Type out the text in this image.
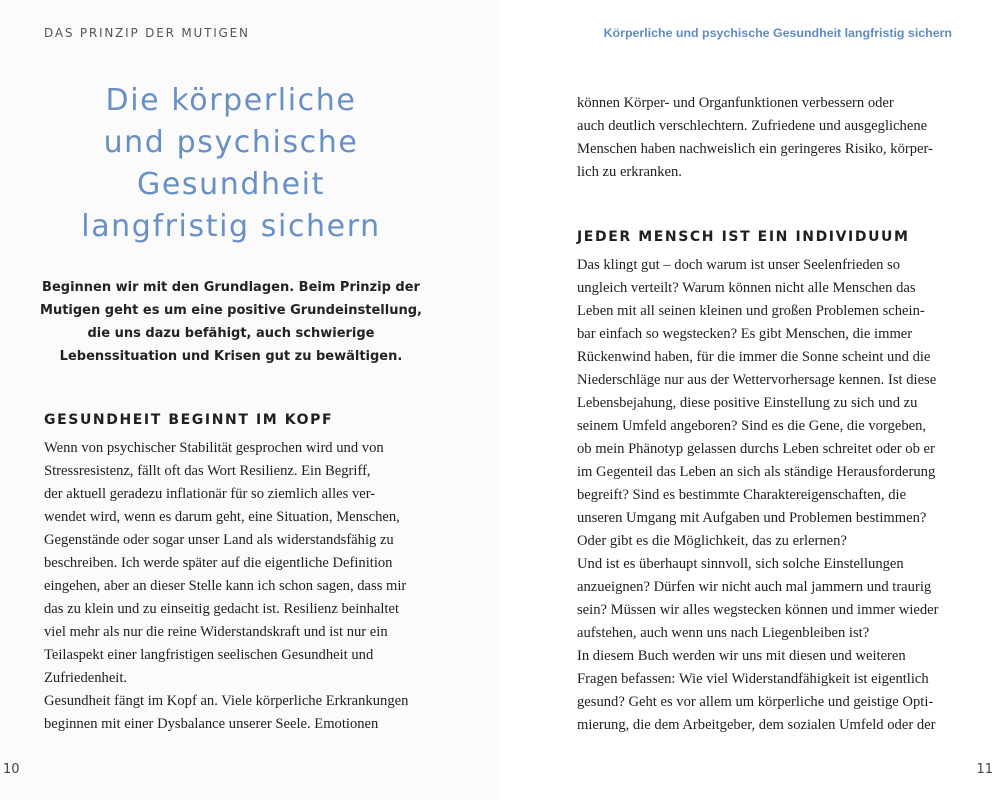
DAS PRINZIP DER MUTIGEN
Die körperliche
und psychische
Gesundheit
langfristig sichern
Beginnen wir mit den Grundlagen. Beim Prinzip der
Mutigen geht es um eine positive Grundeinstellung,
die uns dazu befähigt, auch schwierige
Lebenssituation und Krisen gut zu bewältigen.
GESUNDHEIT BEGINNT IM KOPF
Wenn von psychischer Stabilität gesprochen wird und von
Stressresistenz, fällt oft das Wort Resilienz. Ein Begriff,
der aktuell geradezu inflationär für so ziemlich alles ver-
wendet wird, wenn es darum geht, eine Situation, Menschen,
Gegenstände oder sogar unser Land als widerstandsfähig zu
beschreiben. Ich werde später auf die eigentliche Definition
eingehen, aber an dieser Stelle kann ich schon sagen, dass mir
das zu klein und zu einseitig gedacht ist. Resilienz beinhaltet
viel mehr als nur die reine Widerstandskraft und ist nur ein
Teilaspekt einer langfristigen seelischen Gesundheit und
Zufriedenheit.
Gesundheit fängt im Kopf an. Viele körperliche Erkrankungen
beginnen mit einer Dysbalance unserer Seele. Emotionen
10
Körperliche und psychische Gesundheit langfristig sichern
können Körper- und Organfunktionen verbessern oder
auch deutlich verschlechtern. Zufriedene und ausgeglichene
Menschen haben nachweislich ein geringeres Risiko, körper-
lich zu erkranken.
JEDER MENSCH IST EIN INDIVIDUUM
Das klingt gut – doch warum ist unser Seelenfrieden so
ungleich verteilt? Warum können nicht alle Menschen das
Leben mit all seinen kleinen und großen Problemen schein-
bar einfach so wegstecken? Es gibt Menschen, die immer
Rückenwind haben, für die immer die Sonne scheint und die
Niederschläge nur aus der Wettervorhersage kennen. Ist diese
Lebensbejahung, diese positive Einstellung zu sich und zu
seinem Umfeld angeboren? Sind es die Gene, die vorgeben,
ob mein Phänotyp gelassen durchs Leben schreitet oder ob er
im Gegenteil das Leben an sich als ständige Herausforderung
begreift? Sind es bestimmte Charaktereigenschaften, die
unseren Umgang mit Aufgaben und Problemen bestimmen?
Oder gibt es die Möglichkeit, das zu erlernen?
Und ist es überhaupt sinnvoll, sich solche Einstellungen
anzueignen? Dürfen wir nicht auch mal jammern und traurig
sein? Müssen wir alles wegstecken können und immer wieder
aufstehen, auch wenn uns nach Liegenbleiben ist?
In diesem Buch werden wir uns mit diesen und weiteren
Fragen befassen: Wie viel Widerstandfähigkeit ist eigentlich
gesund? Geht es vor allem um körperliche und geistige Opti-
mierung, die dem Arbeitgeber, dem sozialen Umfeld oder der
11
